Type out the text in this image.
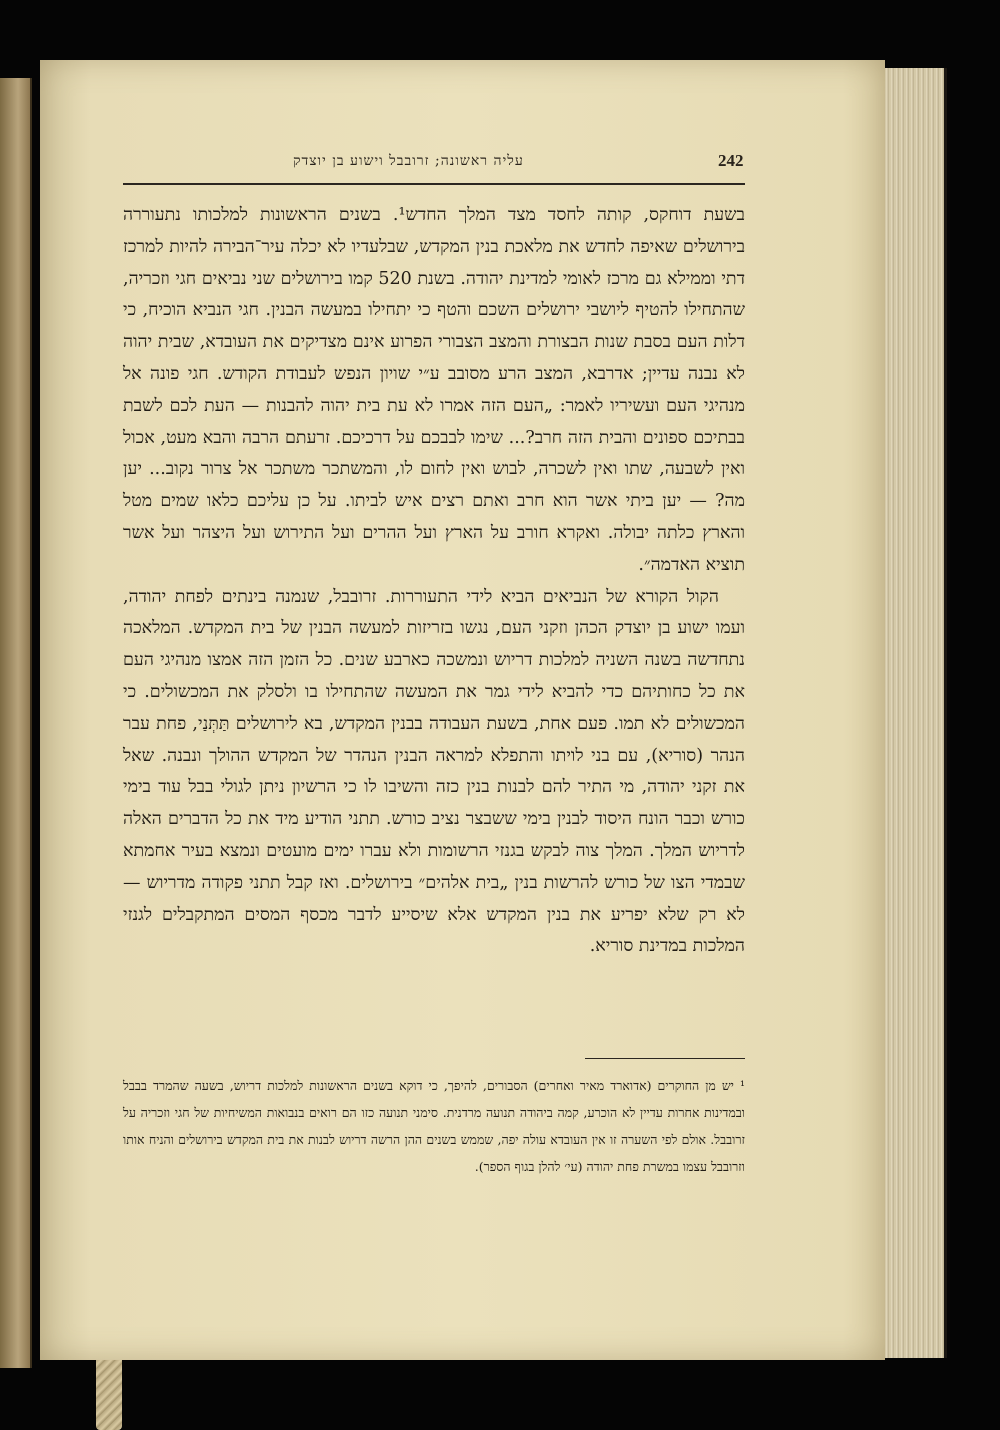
242
עליה ראשונה; זרובבל וישוע בן יוצדק

בשעת דוחקס, קותה לחסד מצד המלך החדש¹. בשנים הראשונות למלכותו נתעוררה בירושלים שאיפה לחדש את מלאכת בנין המקדש, שבלעדיו לא יכלה עיר־הבירה להיות למרכז דתי וממילא גם מרכז לאומי למדינת יהודה. בשנת 520 קמו בירושלים שני נביאים חגי וזכריה, שהתחילו להטיף ליושבי ירושלים השכם והטף כי יתחילו במעשה הבנין. חגי הנביא הוכיח, כי דלות העם בסבת שנות הבצורת והמצב הצבורי הפרוע אינם מצדיקים את העובדא, שבית יהוה לא נבנה עדיין; אדרבא, המצב הרע מסובב ע״י שויון הנפש לעבודת הקודש. חגי פונה אל מנהיגי העם ועשיריו לאמר: „העם הזה אמרו לא עת בית יהוה להבנות — העת לכם לשבת בבתיכם ספונים והבית הזה חרב?... שימו לבבכם על דרכיכם. זרעתם הרבה והבא מעט, אכול ואין לשבעה, שתו ואין לשכרה, לבוש ואין לחום לו, והמשתכר משתכר אל צרור נקוב... יען מה? — יען ביתי אשר הוא חרב ואתם רצים איש לביתו. על כן עליכם כלאו שמים מטל והארץ כלתה יבולה. ואקרא חורב על הארץ ועל ההרים ועל התירוש ועל היצהר ועל אשר תוציא האדמה״.

הקול הקורא של הנביאים הביא לידי התעוררות. זרובבל, שנמנה בינתים לפחת יהודה, ועמו ישוע בן יוצדק הכהן וזקני העם, נגשו בזריזות למעשה הבנין של בית המקדש. המלאכה נתחדשה בשנה השניה למלכות דריוש ונמשכה כארבע שנים. כל הזמן הזה אמצו מנהיגי העם את כל כחותיהם כדי להביא לידי גמר את המעשה שהתחילו בו ולסלק את המכשולים. כי המכשולים לא תמו. פעם אחת, בשעת העבודה בבנין המקדש, בא לירושלים תַּתְּנַי, פחת עבר הנהר (סוריא), עם בני לויתו והתפלא למראה הבנין הנהדר של המקדש ההולך ונבנה. שאל את זקני יהודה, מי התיר להם לבנות בנין כזה והשיבו לו כי הרשיון ניתן לגולי בבל עוד בימי כורש וכבר הונח היסוד לבנין בימי ששבצר נציב כורש. תתני הודיע מיד את כל הדברים האלה לדריוש המלך. המלך צוה לבקש בגנזי הרשומות ולא עברו ימים מועטים ונמצא בעיר אחמתא שבמדי הצו של כורש להרשות בנין „בית אלהים״ בירושלים. ואז קבל תתני פקודה מדריוש — לא רק שלא יפריע את בנין המקדש אלא שיסייע לדבר מכסף המסים המתקבלים לגנזי המלכות במדינת סוריא.

¹ יש מן החוקרים (אדוארד מאיר ואחרים) הסבורים, להיפך, כי דוקא בשנים הראשונות למלכות דריוש, בשעה שהמרד בבבל ובמדינות אחרות עדיין לא הוכרע, קמה ביהודה תנועה מרדנית. סימני תנועה כזו הם רואים בנבואות המשיחיות של חגי וזכריה על זרובבל. אולם לפי השערה זו אין העובדא עולה יפה, שממש בשנים ההן הרשה דריוש לבנות את בית המקדש בירושלים והניח אותו וזרובבל עצמו במשרת פחת יהודה (עי׳ להלן בגוף הספר).
